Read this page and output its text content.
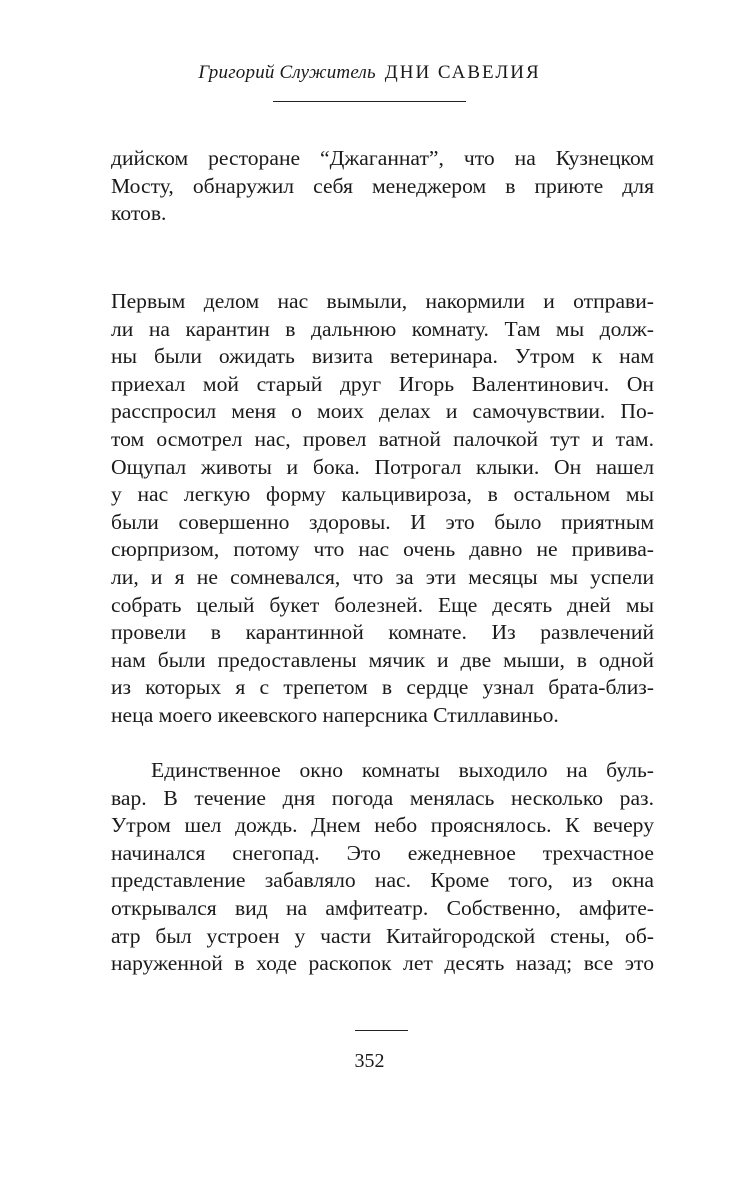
Григорий Служитель ДНИ САВЕЛИЯ
дийском ресторане “Джаганнат”, что на Кузнецком
Мосту, обнаружил себя менеджером в приюте для
котов.
Первым делом нас вымыли, накормили и отправи-
ли на карантин в дальнюю комнату. Там мы долж-
ны были ожидать визита ветеринара. Утром к нам
приехал мой старый друг Игорь Валентинович. Он
расспросил меня о моих делах и самочувствии. По-
том осмотрел нас, провел ватной палочкой тут и там.
Ощупал животы и бока. Потрогал клыки. Он нашел
у нас легкую форму кальцивироза, в остальном мы
были совершенно здоровы. И это было приятным
сюрпризом, потому что нас очень давно не привива-
ли, и я не сомневался, что за эти месяцы мы успели
собрать целый букет болезней. Еще десять дней мы
провели в карантинной комнате. Из развлечений
нам были предоставлены мячик и две мыши, в одной
из которых я с трепетом в сердце узнал брата-близ-
неца моего икеевского наперсника Стиллавиньо.
Единственное окно комнаты выходило на буль-
вар. В течение дня погода менялась несколько раз.
Утром шел дождь. Днем небо прояснялось. К вечеру
начинался снегопад. Это ежедневное трехчастное
представление забавляло нас. Кроме того, из окна
открывался вид на амфитеатр. Собственно, амфите-
атр был устроен у части Китайгородской стены, об-
наруженной в ходе раскопок лет десять назад; все это
352
